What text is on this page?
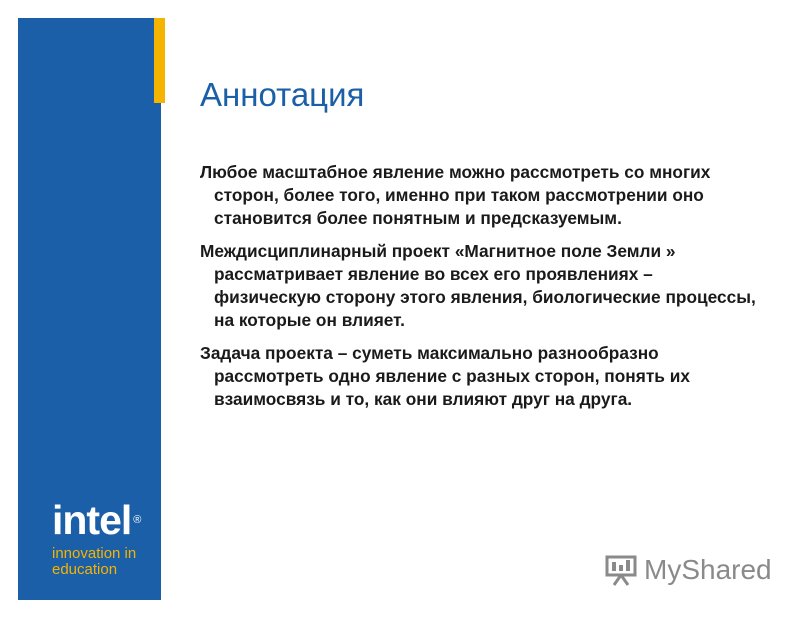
Аннотация

Любое масштабное явление можно рассмотреть со многих сторон, более того, именно при таком рассмотрении оно становится более понятным и предсказуемым.

Междисциплинарный проект «Магнитное поле Земли » рассматривает явление во всех его проявлениях – физическую сторону этого явления, биологические процессы, на которые он влияет.

Задача проекта – суметь максимально разнообразно рассмотреть одно явление с разных сторон, понять их взаимосвязь и то, как они влияют друг на друга.

intel ®
innovation in
education	MyShared
